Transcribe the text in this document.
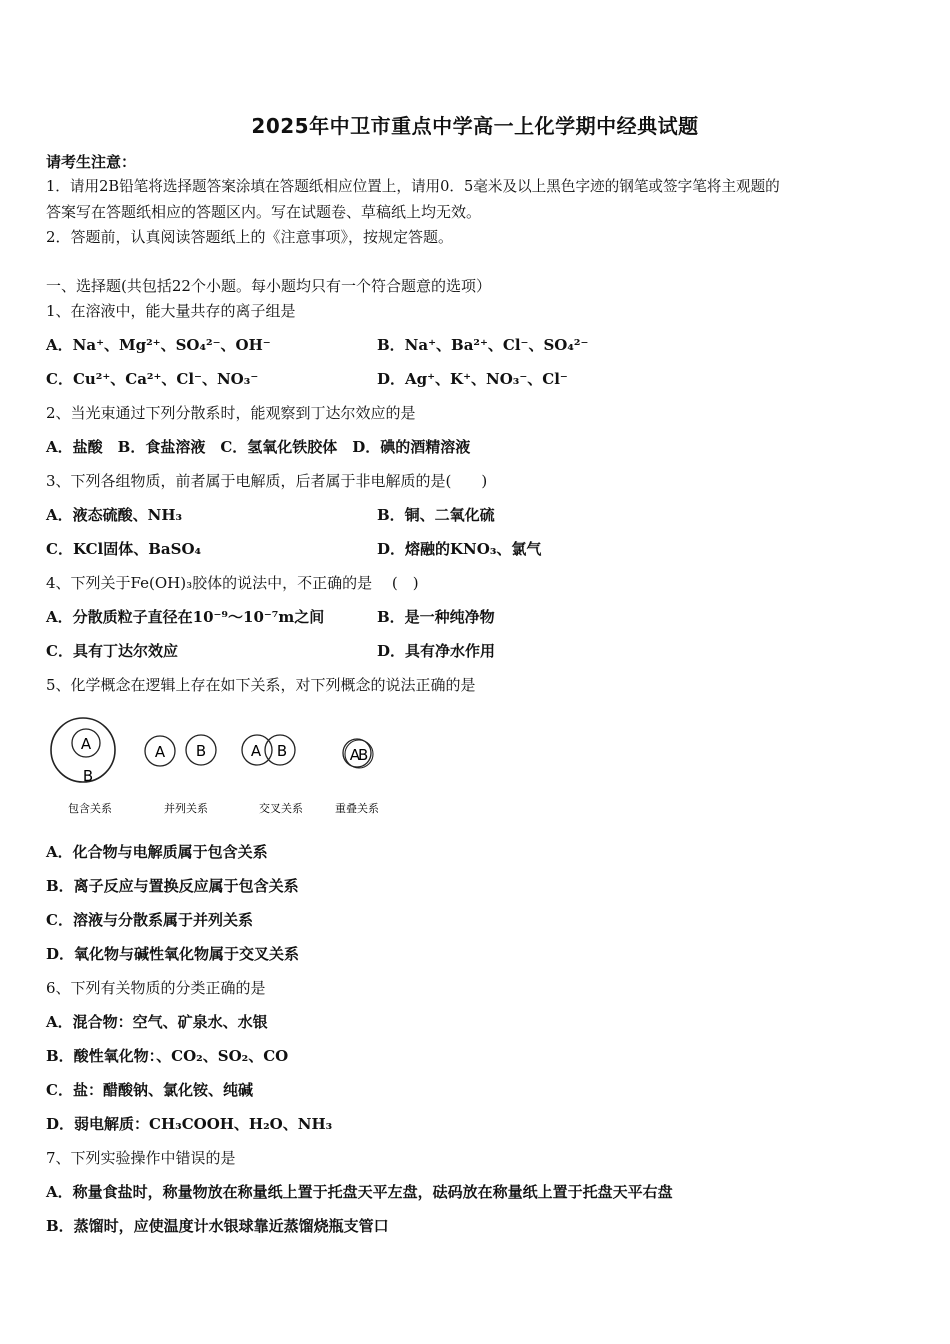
2025年中卫市重点中学高一上化学期中经典试题
请考生注意：
1．请用2B铅笔将选择题答案涂填在答题纸相应位置上，请用0．5毫米及以上黑色字迹的钢笔或签字笔将主观题的
答案写在答题纸相应的答题区内。写在试题卷、草稿纸上均无效。
2．答题前，认真阅读答题纸上的《注意事项》，按规定答题。
一、选择题(共包括22个小题。每小题均只有一个符合题意的选项）
1、在溶液中，能大量共存的离子组是
A．Na⁺、Mg²⁺、SO₄²⁻、OH⁻	B．Na⁺、Ba²⁺、Cl⁻、SO₄²⁻
C．Cu²⁺、Ca²⁺、Cl⁻、NO₃⁻	D．Ag⁺、K⁺、NO₃⁻、Cl⁻
2、当光束通过下列分散系时，能观察到丁达尔效应的是
A．盐酸　B．食盐溶液　C．氢氧化铁胶体　D．碘的酒精溶液
3、下列各组物质，前者属于电解质，后者属于非电解质的是(　　)
A．液态硫酸、NH₃	B．铜、二氧化硫
C．KCl固体、BaSO₄	D．熔融的KNO₃、氯气
4、下列关于Fe(OH)₃胶体的说法中，不正确的是　 (　)
A．分散质粒子直径在10⁻⁹～10⁻⁷m之间	B．是一种纯净物
C．具有丁达尔效应	D．具有净水作用
5、化学概念在逻辑上存在如下关系，对下列概念的说法正确的是
A
B
A B	A B	AB
包含关系	并列关系	交叉关系	重叠关系
A．化合物与电解质属于包含关系
B．离子反应与置换反应属于包含关系
C．溶液与分散系属于并列关系
D．氧化物与碱性氧化物属于交叉关系
6、下列有关物质的分类正确的是
A．混合物：空气、矿泉水、水银
B．酸性氧化物：、CO₂、SO₂、CO
C．盐：醋酸钠、氯化铵、纯碱
D．弱电解质：CH₃COOH、H₂O、NH₃
7、下列实验操作中错误的是
A．称量食盐时，称量物放在称量纸上置于托盘天平左盘，砝码放在称量纸上置于托盘天平右盘
B．蒸馏时，应使温度计水银球靠近蒸馏烧瓶支管口
